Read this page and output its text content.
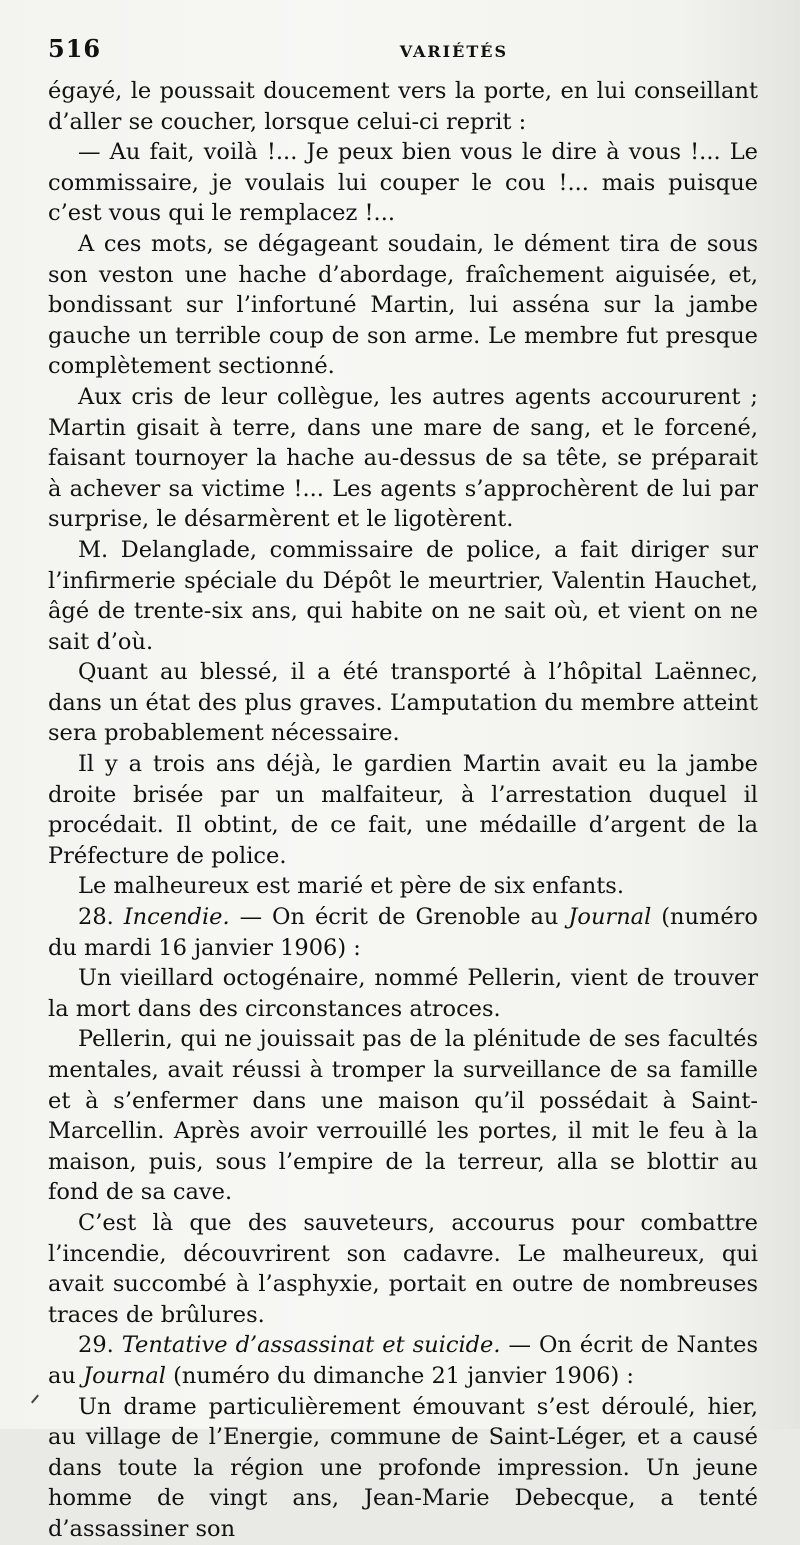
516	VARIÉTÉS

égayé, le poussait doucement vers la porte, en lui conseillant d’aller se coucher, lorsque celui-ci reprit :

— Au fait, voilà !... Je peux bien vous le dire à vous !... Le commissaire, je voulais lui couper le cou !... mais puisque c’est vous qui le remplacez !...

A ces mots, se dégageant soudain, le dément tira de sous son veston une hache d’abordage, fraîchement aiguisée, et, bondissant sur l’infortuné Martin, lui asséna sur la jambe gauche un terrible coup de son arme. Le membre fut presque complètement sectionné.

Aux cris de leur collègue, les autres agents accoururent ; Martin gisait à terre, dans une mare de sang, et le forcené, faisant tournoyer la hache au-dessus de sa tête, se préparait à achever sa victime !... Les agents s’approchèrent de lui par surprise, le désarmèrent et le ligotèrent.

M. Delanglade, commissaire de police, a fait diriger sur l’infirmerie spéciale du Dépôt le meurtrier, Valentin Hauchet, âgé de trente-six ans, qui habite on ne sait où, et vient on ne sait d’où.

Quant au blessé, il a été transporté à l’hôpital Laënnec, dans un état des plus graves. L’amputation du membre atteint sera probablement nécessaire.

Il y a trois ans déjà, le gardien Martin avait eu la jambe droite brisée par un malfaiteur, à l’arrestation duquel il procédait. Il obtint, de ce fait, une médaille d’argent de la Préfecture de police.

Le malheureux est marié et père de six enfants.

28. Incendie. — On écrit de Grenoble au Journal (numéro du mardi 16 janvier 1906) :

Un vieillard octogénaire, nommé Pellerin, vient de trouver la mort dans des circonstances atroces.

Pellerin, qui ne jouissait pas de la plénitude de ses facultés mentales, avait réussi à tromper la surveillance de sa famille et à s’enfermer dans une maison qu’il possédait à Saint-Marcellin. Après avoir verrouillé les portes, il mit le feu à la maison, puis, sous l’empire de la terreur, alla se blottir au fond de sa cave.

C’est là que des sauveteurs, accourus pour combattre l’incendie, découvrirent son cadavre. Le malheureux, qui avait succombé à l’asphyxie, portait en outre de nombreuses traces de brûlures.

29. Tentative d’assassinat et suicide. — On écrit de Nantes au Journal (numéro du dimanche 21 janvier 1906) :

Un drame particulièrement émouvant s’est déroulé, hier, au village de l’Energie, commune de Saint-Léger, et a causé dans toute la région une profonde impression. Un jeune homme de vingt ans, Jean-Marie Debecque, a tenté d’assassiner son
